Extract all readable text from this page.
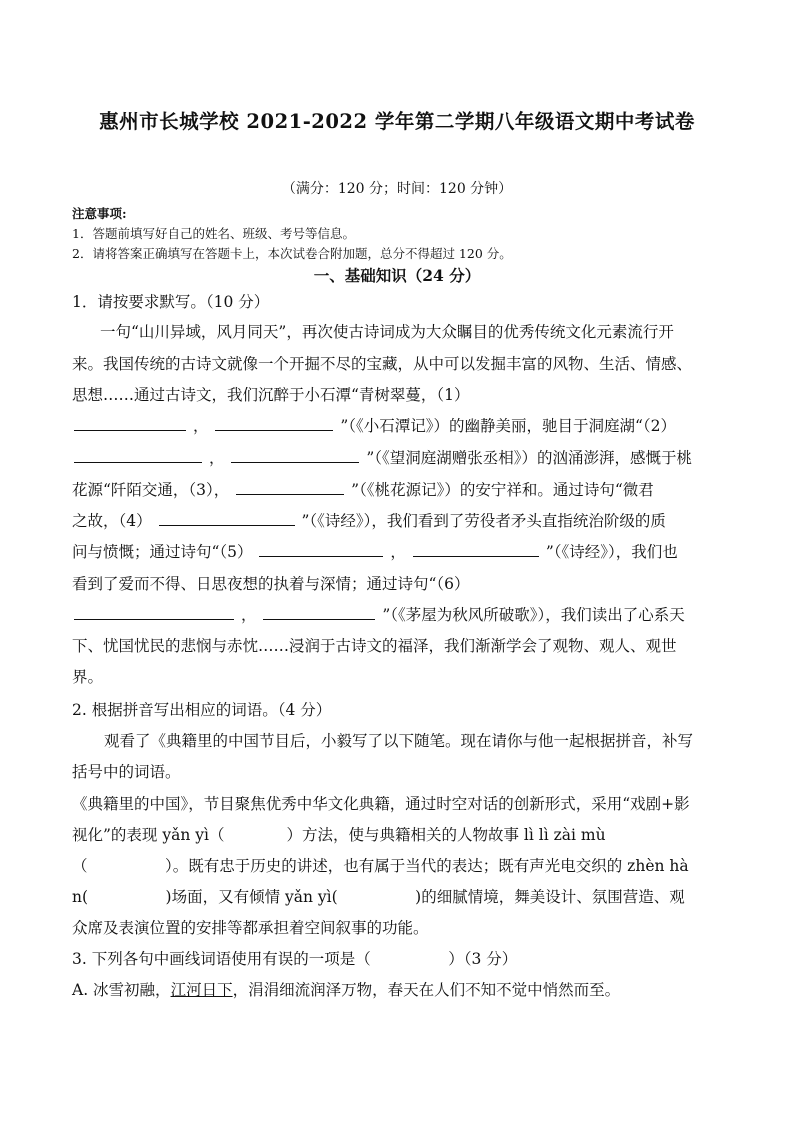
惠州市长城学校 2021-2022 学年第二学期八年级语文期中考试卷
（满分：120 分；时间：120 分钟）
注意事项:
1．答题前填写好自己的姓名、班级、考号等信息。
2．请将答案正确填写在答题卡上，本次试卷合附加题，总分不得超过 120 分。
一、基础知识（24 分）
1．请按要求默写。（10 分）
一句“山川异域，风月同天”，再次使古诗词成为大众瞩目的优秀传统文化元素流行开
来。我国传统的古诗文就像一个开掘不尽的宝藏，从中可以发掘丰富的风物、生活、情感、
思想……通过古诗文，我们沉醉于小石潭“青树翠蔓，（1）
，	”（《小石潭记》）的幽静美丽，驰目于洞庭湖“（2）
，	”（《望洞庭湖赠张丞相》）的汹涌澎湃，感慨于桃
花源“阡陌交通，（3），	”（《桃花源记》）的安宁祥和。通过诗句“微君
之故，（4）	”（《诗经》），我们看到了劳役者矛头直指统治阶级的质
问与愤慨；通过诗句“（5）	，	”（《诗经》），我们也
看到了爱而不得、日思夜想的执着与深情；通过诗句“（6）
，	”（《茅屋为秋风所破歌》），我们读出了心系天
下、忧国忧民的悲悯与赤忱……浸润于古诗文的福泽，我们渐渐学会了观物、观人、观世
界。
2. 根据拼音写出相应的词语。（4 分）
观看了《典籍里的中国节目后，小毅写了以下随笔。现在请你与他一起根据拼音，补写
括号中的词语。
《典籍里的中国》，节目聚焦优秀中华文化典籍，通过时空对话的创新形式，采用“戏剧+影
视化”的表现 yǎn yì（　　　　）方法，使与典籍相关的人物故事 lì lì zài mù
（　　　　　）。既有忠于历史的讲述，也有属于当代的表达；既有声光电交织的 zhèn hà
n(　　　　　)场面，又有倾情 yǎn yì(　　　　　)的细腻情境，舞美设计、氛围营造、观
众席及表演位置的安排等都承担着空间叙事的功能。
3. 下列各句中画线词语使用有误的一项是（　　　　　）（3 分）
A. 冰雪初融，江河日下，涓涓细流润泽万物，春天在人们不知不觉中悄然而至。
